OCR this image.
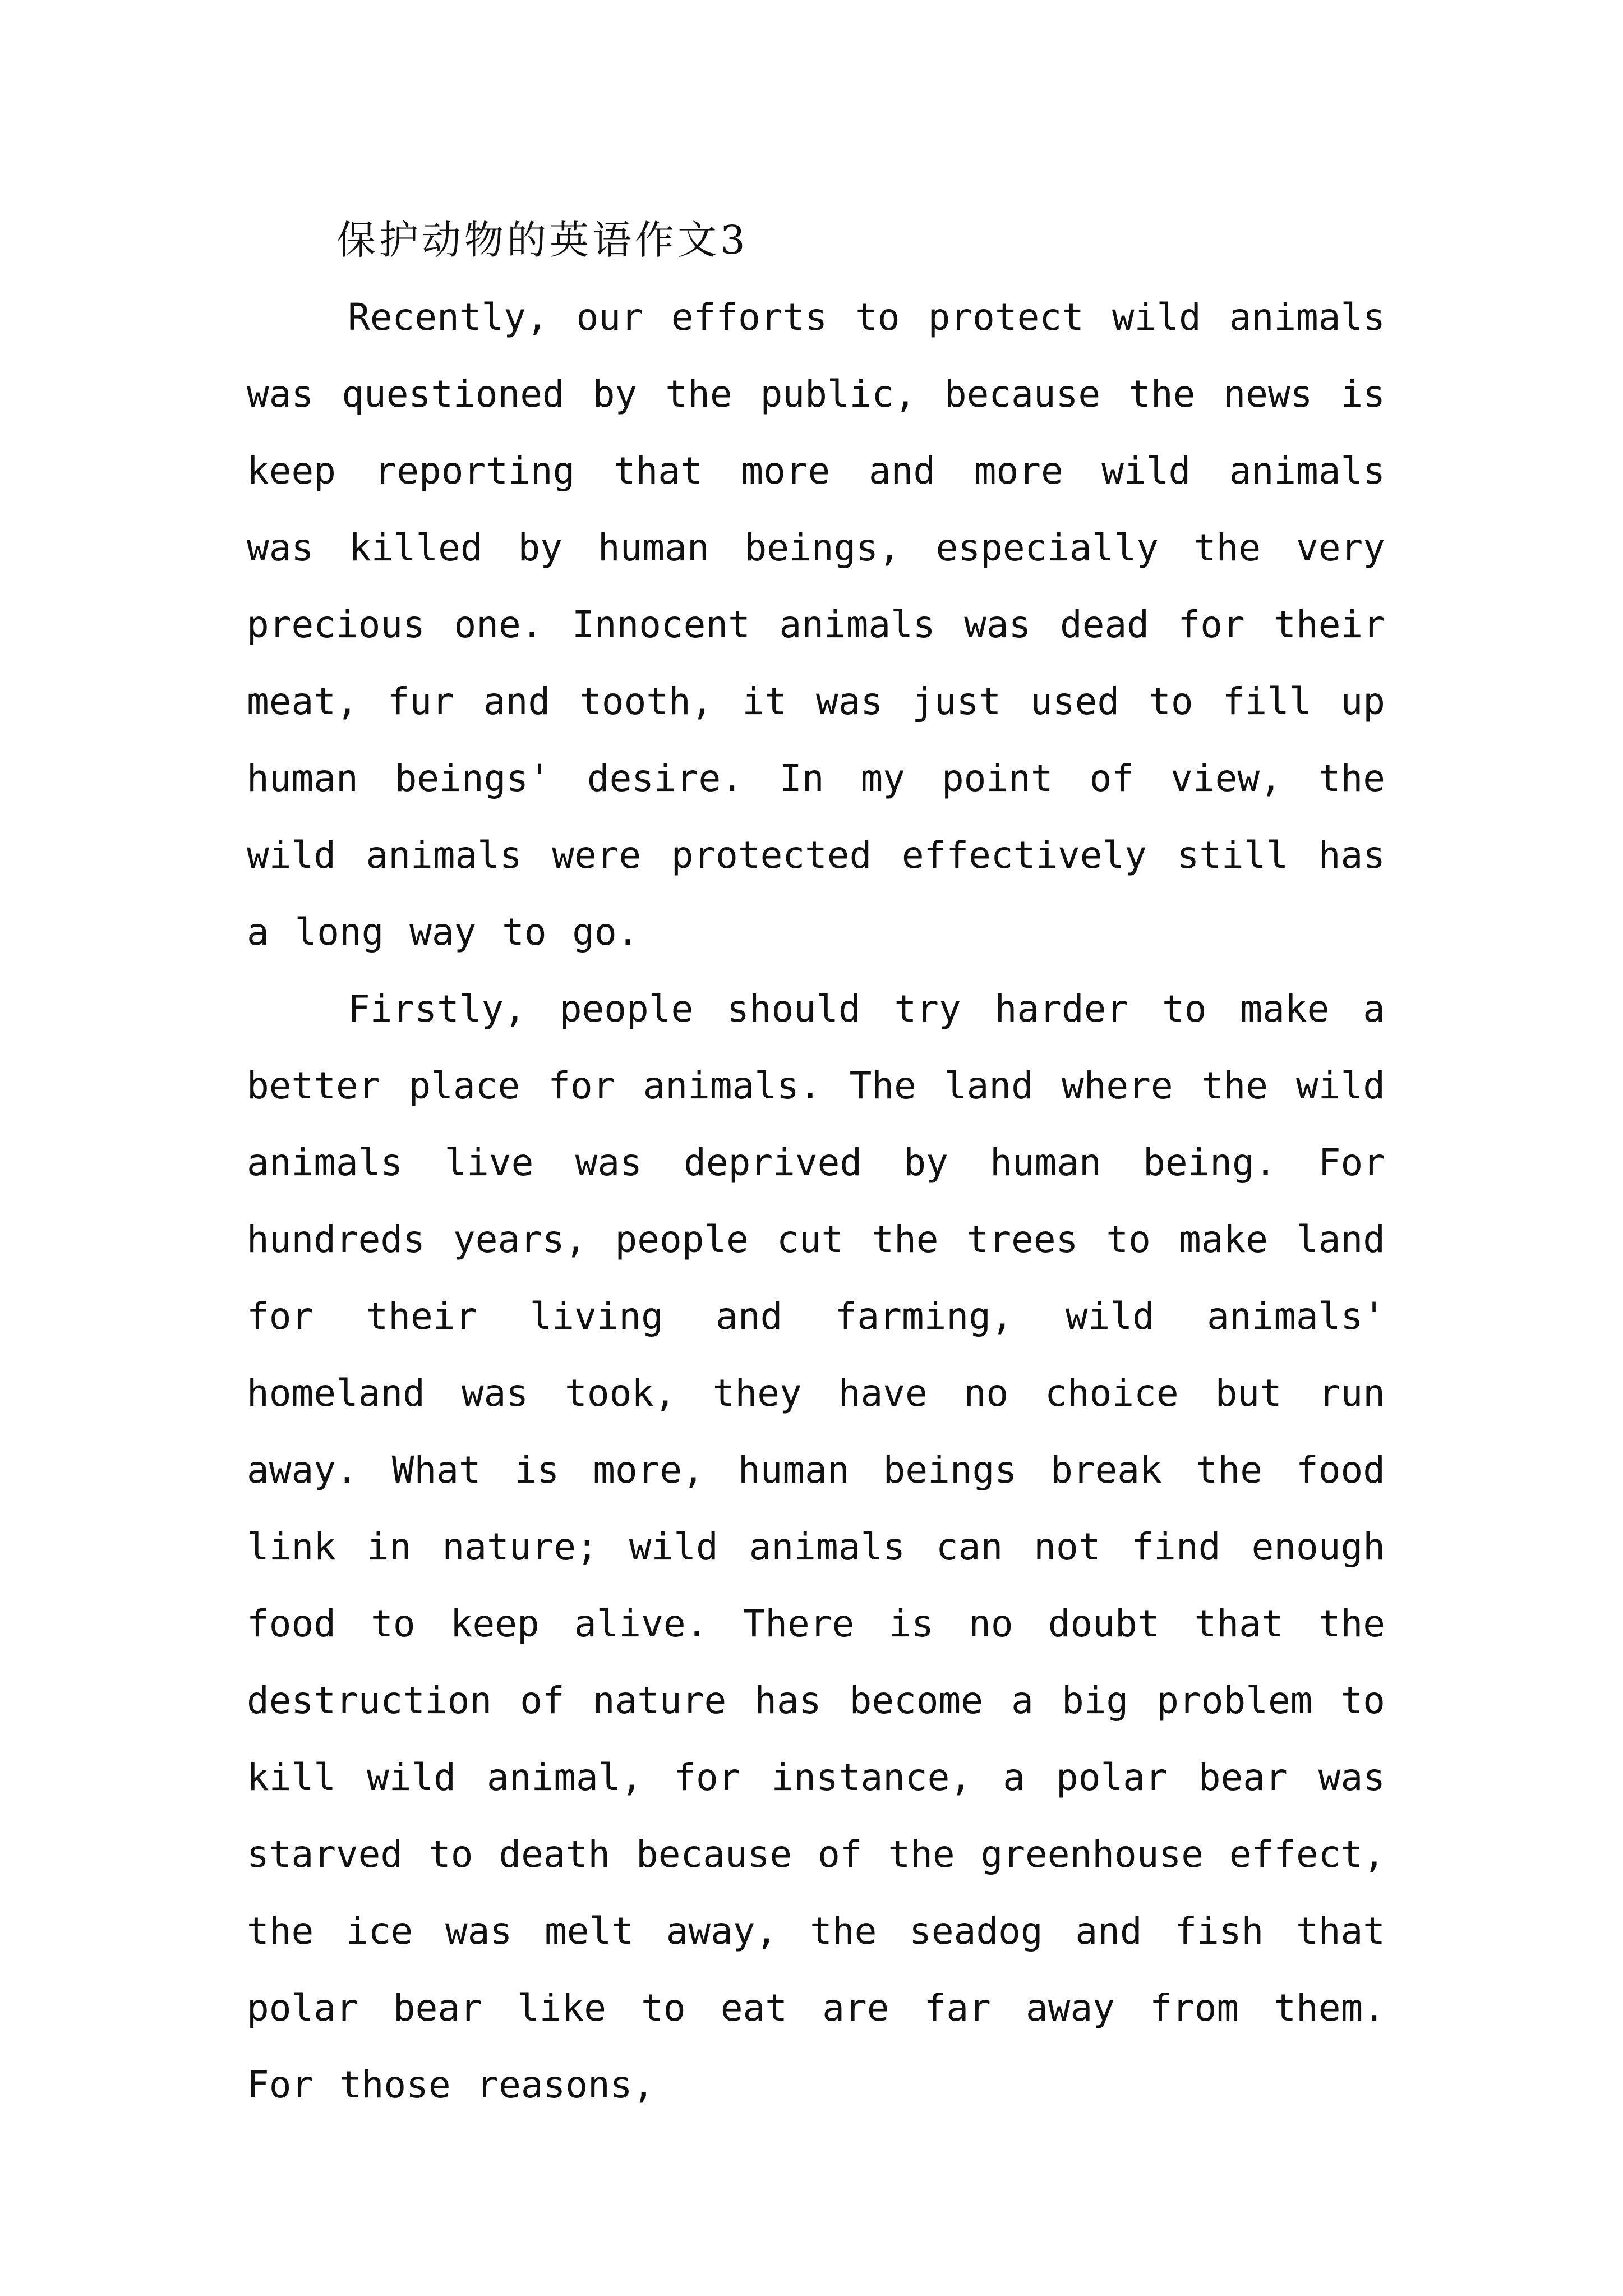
保护动物的英语作文3

Recently, our efforts to protect wild animals was questioned by the public, because the news is keep reporting that more and more wild animals was killed by human beings, especially the very precious one. Innocent animals was dead for their meat, fur and tooth, it was just used to fill up human beings' desire. In my point of view, the wild animals were protected effectively still has a long way to go.

Firstly, people should try harder to make a better place for animals. The land where the wild animals live was deprived by human being. For hundreds years, people cut the trees to make land for their living and farming, wild animals' homeland was took, they have no choice but run away. What is more, human beings break the food link in nature; wild animals can not find enough food to keep alive. There is no doubt that the destruction of nature has become a big problem to kill wild animal, for instance, a polar bear was starved to death because of the greenhouse effect, the ice was melt away, the seadog and fish that polar bear like to eat are far away from them. For those reasons,
